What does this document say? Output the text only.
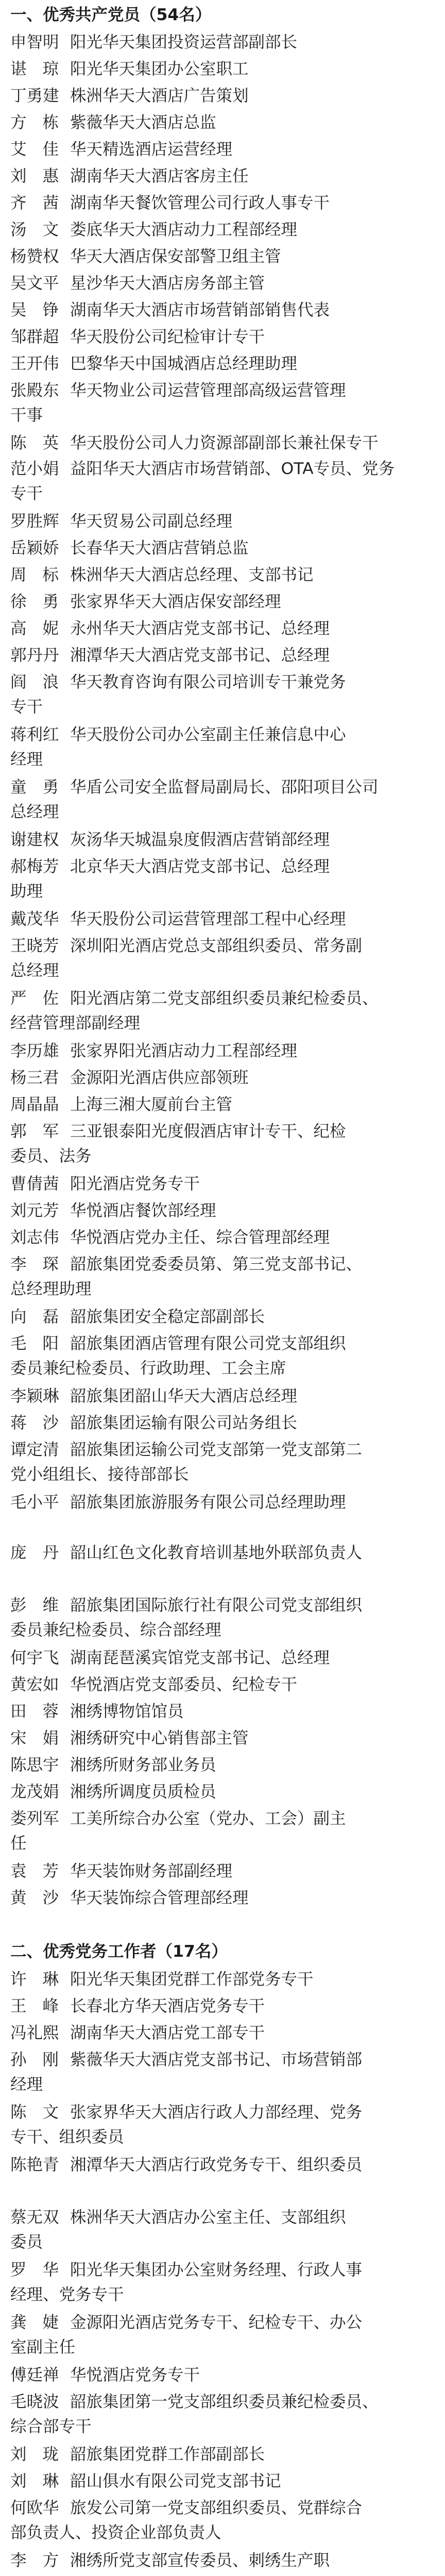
一、优秀共产党员（54名）
申智明 阳光华天集团投资运营部副部长
谌琼阳光华天集团办公室职工
丁勇建 株洲华天大酒店广告策划
方栋紫薇华天大酒店总监
艾佳华天精选酒店运营经理
刘惠湖南华天大酒店客房主任
齐茜湖南华天餐饮管理公司行政人事专干
汤文娄底华天大酒店动力工程部经理
杨赞权 华天大酒店保安部警卫组主管
吴文平 星沙华天大酒店房务部主管
吴铮湖南华天大酒店市场营销部销售代表
邹群超 华天股份公司纪检审计专干
王开伟 巴黎华天中国城酒店总经理助理
张殿东 华天物业公司运营管理部高级运营管理
干事
陈英华天股份公司人力资源部副部长兼社保专干
范小娟 益阳华天大酒店市场营销部、OTA专员、党务
专干
罗胜辉 华天贸易公司副总经理
岳颖娇 长春华天大酒店营销总监
周标株洲华天大酒店总经理、支部书记
徐勇张家界华天大酒店保安部经理
高妮永州华天大酒店党支部书记、总经理
郭丹丹 湘潭华天大酒店党支部书记、总经理
阎浪华天教育咨询有限公司培训专干兼党务
专干
蒋利红 华天股份公司办公室副主任兼信息中心
经理
童勇华盾公司安全监督局副局长、邵阳项目公司
总经理
谢建权 灰汤华天城温泉度假酒店营销部经理
郝梅芳 北京华天大酒店党支部书记、总经理
助理
戴茂华 华天股份公司运营管理部工程中心经理
王晓芳 深圳阳光酒店党总支部组织委员、常务副
总经理
严佐阳光酒店第二党支部组织委员兼纪检委员、
经营管理部副经理
李历雄 张家界阳光酒店动力工程部经理
杨三君 金源阳光酒店供应部领班
周晶晶 上海三湘大厦前台主管
郭军三亚银泰阳光度假酒店审计专干、纪检
委员、法务
曹倩茜 阳光酒店党务专干
刘元芳 华悦酒店餐饮部经理
刘志伟 华悦酒店党办主任、综合管理部经理
李琛韶旅集团党委委员第、第三党支部书记、
总经理助理
向磊韶旅集团安全稳定部副部长
毛阳韶旅集团酒店管理有限公司党支部组织
委员兼纪检委员、行政助理、工会主席
李颖琳 韶旅集团韶山华天大酒店总经理
蒋沙韶旅集团运输有限公司站务组长
谭定清 韶旅集团运输公司党支部第一党支部第二
党小组组长、接待部部长
毛小平 韶旅集团旅游服务有限公司总经理助理
庞丹韶山红色文化教育培训基地外联部负责人
彭维韶旅集团国际旅行社有限公司党支部组织
委员兼纪检委员、综合部经理
何宇飞 湖南琵琶溪宾馆党支部书记、总经理
黄宏如 华悦酒店党支部委员、纪检专干
田蓉湘绣博物馆馆员
宋娟湘绣研究中心销售部主管
陈思宇 湘绣所财务部业务员
龙茂娟 湘绣所调度员质检员
娄列军 工美所综合办公室（党办、工会）副主
任
袁芳华天装饰财务部副经理
黄沙华天装饰综合管理部经理
二、优秀党务工作者（17名）
许琳阳光华天集团党群工作部党务专干
王峰长春北方华天酒店党务专干
冯礼熙 湖南华天大酒店党工部专干
孙刚紫薇华天大酒店党支部书记、市场营销部
经理
陈文张家界华天大酒店行政人力部经理、党务
专干、组织委员
陈艳青 湘潭华天大酒店行政党务专干、组织委员
蔡无双 株洲华天大酒店办公室主任、支部组织
委员
罗华阳光华天集团办公室财务经理、行政人事
经理、党务专干
龚婕金源阳光酒店党务专干、纪检专干、办公
室副主任
傅廷禅 华悦酒店党务专干
毛晓波 韶旅集团第一党支部组织委员兼纪检委员、
综合部专干
刘珑韶旅集团党群工作部副部长
刘琳韶山俱水有限公司党支部书记
何欧华 旅发公司第一党支部组织委员、党群综合
部负责人、投资企业部负责人
李方湘绣所党支部宣传委员、刺绣生产职
